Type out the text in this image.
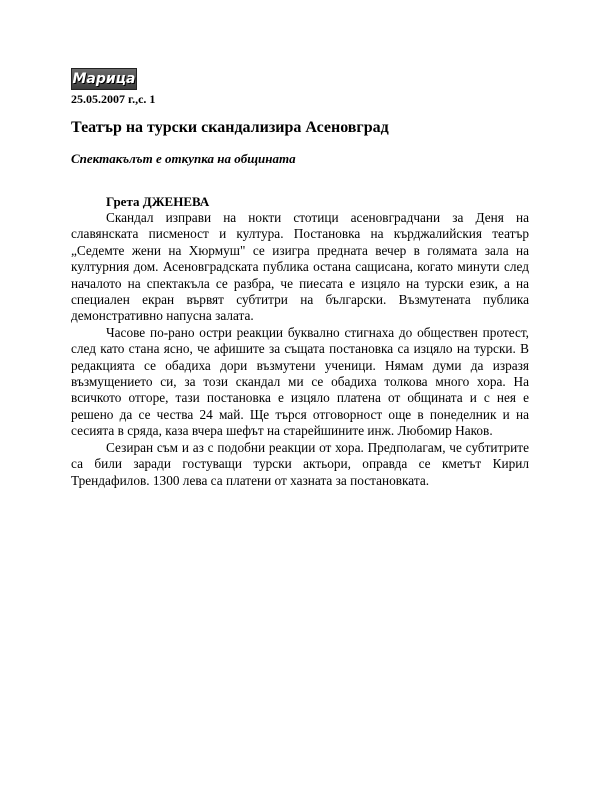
Марица
25.05.2007 г.,с. 1
Театър на турски скандализира Асеновград
Спектакълът е откупка на общината
Грета ДЖЕНЕВА

Скандал изправи на нокти стотици асеновградчани за Деня на славянската писменост и култура. Постановка на кърджалийския театър „Седемте жени на Хюрмуш" се изигра предната вечер в голямата зала на културния дом. Асеновградската публика остана сащисана, когато минути след началото на спектакъла се разбра, че пиесата е изцяло на турски език, а на специален екран вървят субтитри на български. Възмутената публика демонстративно напусна залата.

Часове по-рано остри реакции буквално стигнаха до обществен протест, след като стана ясно, че афишите за същата постановка са изцяло на турски. В редакцията се обадиха дори възмутени ученици. Нямам думи да изразя възмущението си, за този скандал ми се обадиха толкова много хора. На всичкото отгоре, тази постановка е изцяло платена от общината и с нея е решено да се чества 24 май. Ще търся отговорност още в понеделник и на сесията в сряда, каза вчера шефът на старейшините инж. Любомир Наков.

Сезиран съм и аз с подобни реакции от хора. Предполагам, че субтитрите са били заради гостуващи турски актьори, оправда се кметът Кирил Трендафилов. 1300 лева са платени от хазната за постановката.
